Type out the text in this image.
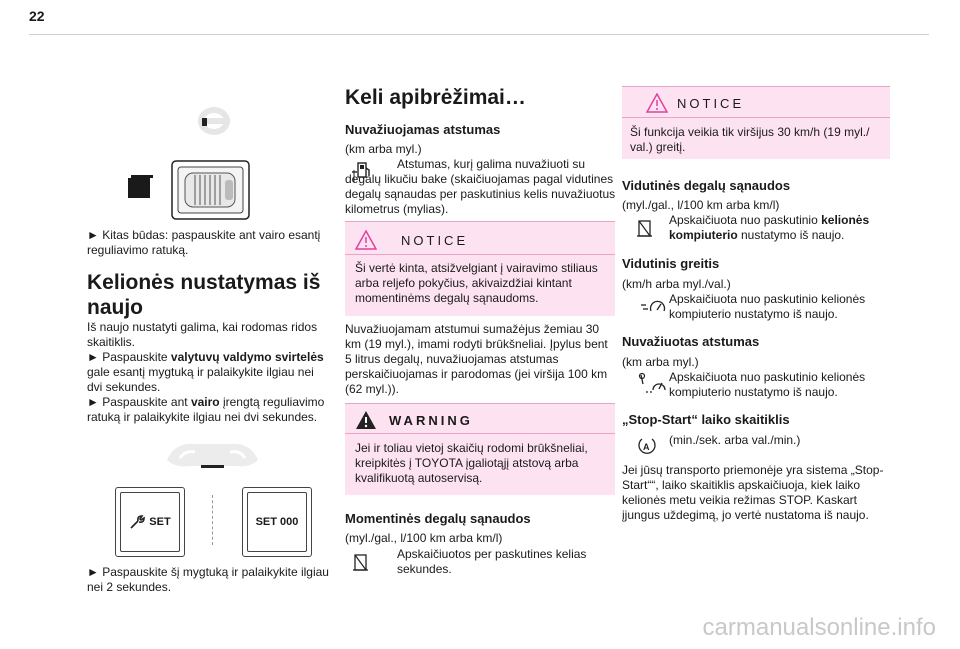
22
► Kitas būdas: paspauskite ant vairo esantį reguliavimo ratuką.
Kelionės nustatymas iš naujo
Iš naujo nustatyti galima, kai rodomas ridos skaitiklis.
► Paspauskite valytuvų valdymo svirtelės gale esantį mygtuką ir palaikykite ilgiau nei dvi sekundes.
► Paspauskite ant vairo įrengtą reguliavimo ratuką ir palaikykite ilgiau nei dvi sekundes.
SET	SET 000
► Paspauskite šį mygtuką ir palaikykite ilgiau nei 2 sekundes.
Keli apibrėžimai…
Nuvažiuojamas atstumas
(km arba myl.)
Atstumas, kurį galima nuvažiuoti su degalų likučiu bake (skaičiuojamas pagal vidutines degalų sąnaudas per paskutinius kelis nuvažiuotus kilometrus (mylias).
NOTICE
Ši vertė kinta, atsižvelgiant į vairavimo stiliaus arba reljefo pokyčius, akivaizdžiai kintant momentinėms degalų sąnaudoms.
Nuvažiuojamam atstumui sumažėjus žemiau 30 km (19 myl.), imami rodyti brūkšneliai. Įpylus bent 5 litrus degalų, nuvažiuojamas atstumas perskaičiuojamas ir parodomas (jei viršija 100 km (62 myl.)).
WARNING
Jei ir toliau vietoj skaičių rodomi brūkšneliai, kreipkitės į TOYOTA įgaliotąjį atstovą arba kvalifikuotą autoservisą.
Momentinės degalų sąnaudos
(myl./gal., l/100 km arba km/l)
Apskaičiuotos per paskutines kelias sekundes.
NOTICE
Ši funkcija veikia tik viršijus 30 km/h (19 myl./ val.) greitį.
Vidutinės degalų sąnaudos
(myl./gal., l/100 km arba km/l)
Apskaičiuota nuo paskutinio kelionės kompiuterio nustatymo iš naujo.
Vidutinis greitis
(km/h arba myl./val.)
Apskaičiuota nuo paskutinio kelionės kompiuterio nustatymo iš naujo.
Nuvažiuotas atstumas
(km arba myl.)
Apskaičiuota nuo paskutinio kelionės kompiuterio nustatymo iš naujo.
„Stop-Start“ laiko skaitiklis
A (min./sek. arba val./min.)
Jei jūsų transporto priemonėje yra sistema „Stop-Start““, laiko skaitiklis apskaičiuoja, kiek laiko kelionės metu veikia režimas STOP. Kaskart įjungus uždegimą, jo vertė nustatoma iš naujo.
carmanualsonline.info
